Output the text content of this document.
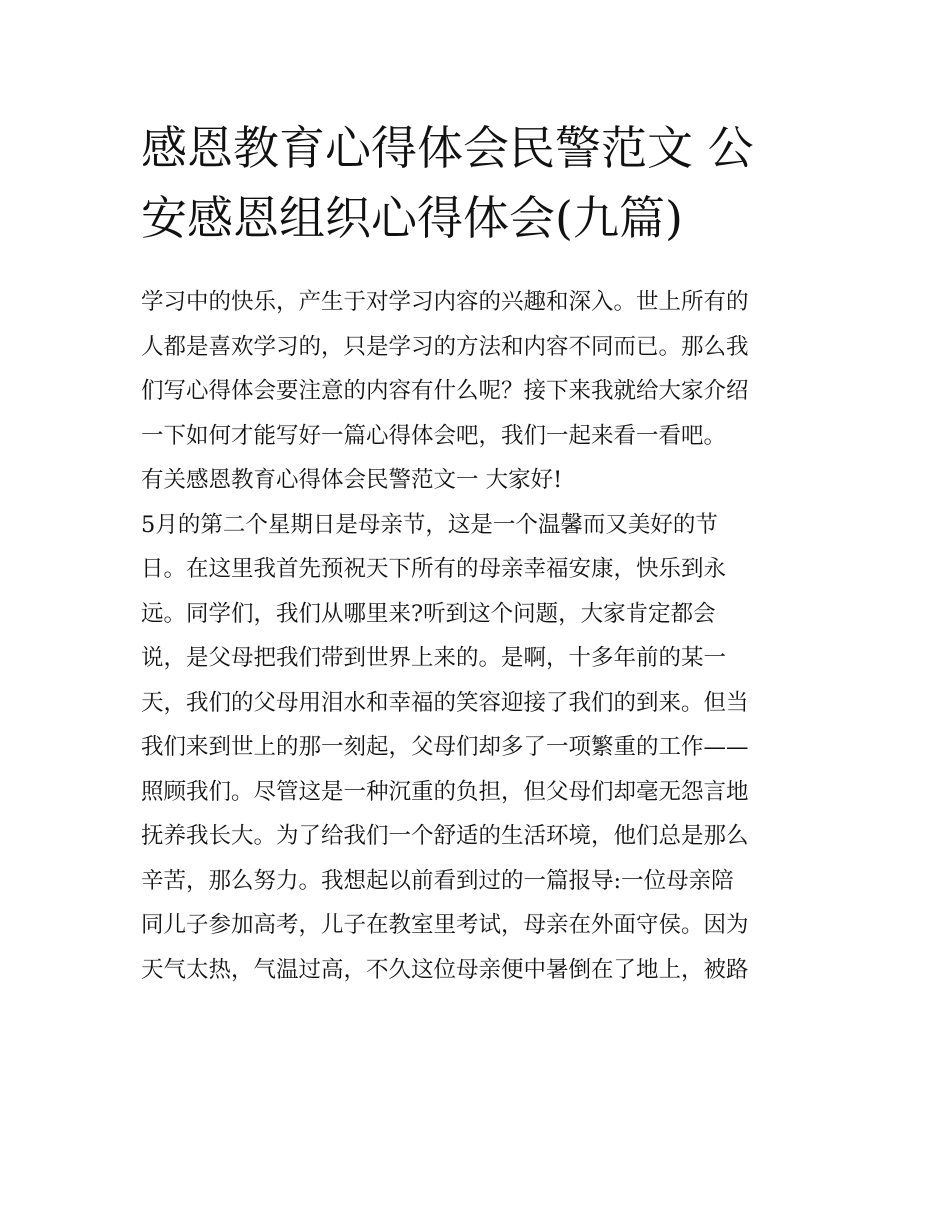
感恩教育心得体会民警范文 公
安感恩组织心得体会(九篇)
学习中的快乐，产生于对学习内容的兴趣和深入。世上所有的
人都是喜欢学习的，只是学习的方法和内容不同而已。那么我
们写心得体会要注意的内容有什么呢？接下来我就给大家介绍
一下如何才能写好一篇心得体会吧，我们一起来看一看吧。
有关感恩教育心得体会民警范文一 大家好!
5月的第二个星期日是母亲节，这是一个温馨而又美好的节
日。在这里我首先预祝天下所有的母亲幸福安康，快乐到永
远。同学们，我们从哪里来?听到这个问题，大家肯定都会
说，是父母把我们带到世界上来的。是啊，十多年前的某一
天，我们的父母用泪水和幸福的笑容迎接了我们的到来。但当
我们来到世上的那一刻起，父母们却多了一项繁重的工作——
照顾我们。尽管这是一种沉重的负担，但父母们却毫无怨言地
抚养我长大。为了给我们一个舒适的生活环境，他们总是那么
辛苦，那么努力。我想起以前看到过的一篇报导:一位母亲陪
同儿子参加高考，儿子在教室里考试，母亲在外面守侯。因为
天气太热，气温过高，不久这位母亲便中暑倒在了地上，被路
